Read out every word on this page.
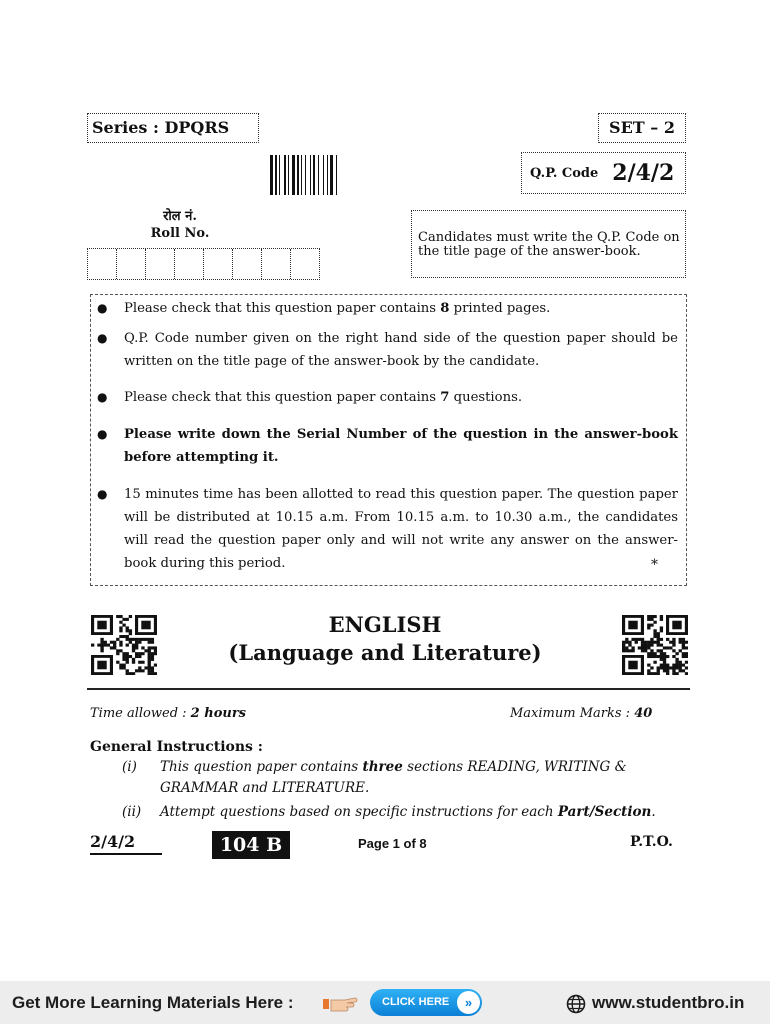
Series : DPQRS	SET – 2
Q.P. Code 2/4/2
रोल नं.
Roll No.	Candidates must write the Q.P. Code on the title page of the answer-book.
● Please check that this question paper contains 8 printed pages.
● Q.P. Code number given on the right hand side of the question paper should be written on the title page of the answer-book by the candidate.
● Please check that this question paper contains 7 questions.
● Please write down the Serial Number of the question in the answer-book before attempting it.
● 15 minutes time has been allotted to read this question paper. The question paper will be distributed at 10.15 a.m. From 10.15 a.m. to 10.30 a.m., the candidates will read the question paper only and will not write any answer on the answer-book during this period.	*
ENGLISH
(Language and Literature)
Time allowed : 2 hours	Maximum Marks : 40
General Instructions :
(i) This question paper contains three sections READING, WRITING & GRAMMAR and LITERATURE.
(ii) Attempt questions based on specific instructions for each Part/Section.
2/4/2	104 B	Page 1 of 8	P.T.O.
Get More Learning Materials Here :	CLICK HERE	»	www.studentbro.in
